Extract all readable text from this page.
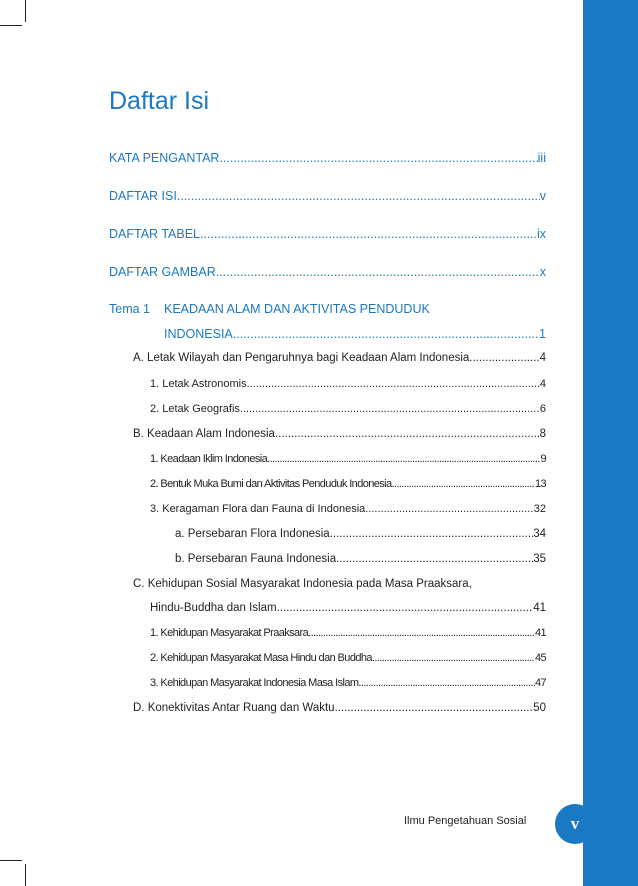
Daftar Isi
KATA PENGANTAR .....	iii
DAFTAR ISI .....	v
DAFTAR TABEL .....	ix
DAFTAR GAMBAR .....	x
Tema 1 KEADAAN ALAM DAN AKTIVITAS PENDUDUK
INDONESIA .....	1
A. Letak Wilayah dan Pengaruhnya bagi Keadaan Alam Indonesia .....	4
1. Letak Astronomis .....	4
2. Letak Geografis .....	6
B. Keadaan Alam Indonesia .....	8
1. Keadaan Iklim Indonesia .....	9
2. Bentuk Muka Bumi dan Aktivitas Penduduk Indonesia .....	13
3. Keragaman Flora dan Fauna di Indonesia .....	32
a. Persebaran Flora Indonesia .....	34
b. Persebaran Fauna Indonesia .....	35
C. Kehidupan Sosial Masyarakat Indonesia pada Masa Praaksara,
Hindu-Buddha dan Islam .....	41
1. Kehidupan Masyarakat Praaksara .....	41
2. Kehidupan Masyarakat Masa Hindu dan Buddha .....	45
3. Kehidupan Masyarakat Indonesia Masa Islam .....	47
D. Konektivitas Antar Ruang dan Waktu .....	50
Ilmu Pengetahuan Sosial	v
